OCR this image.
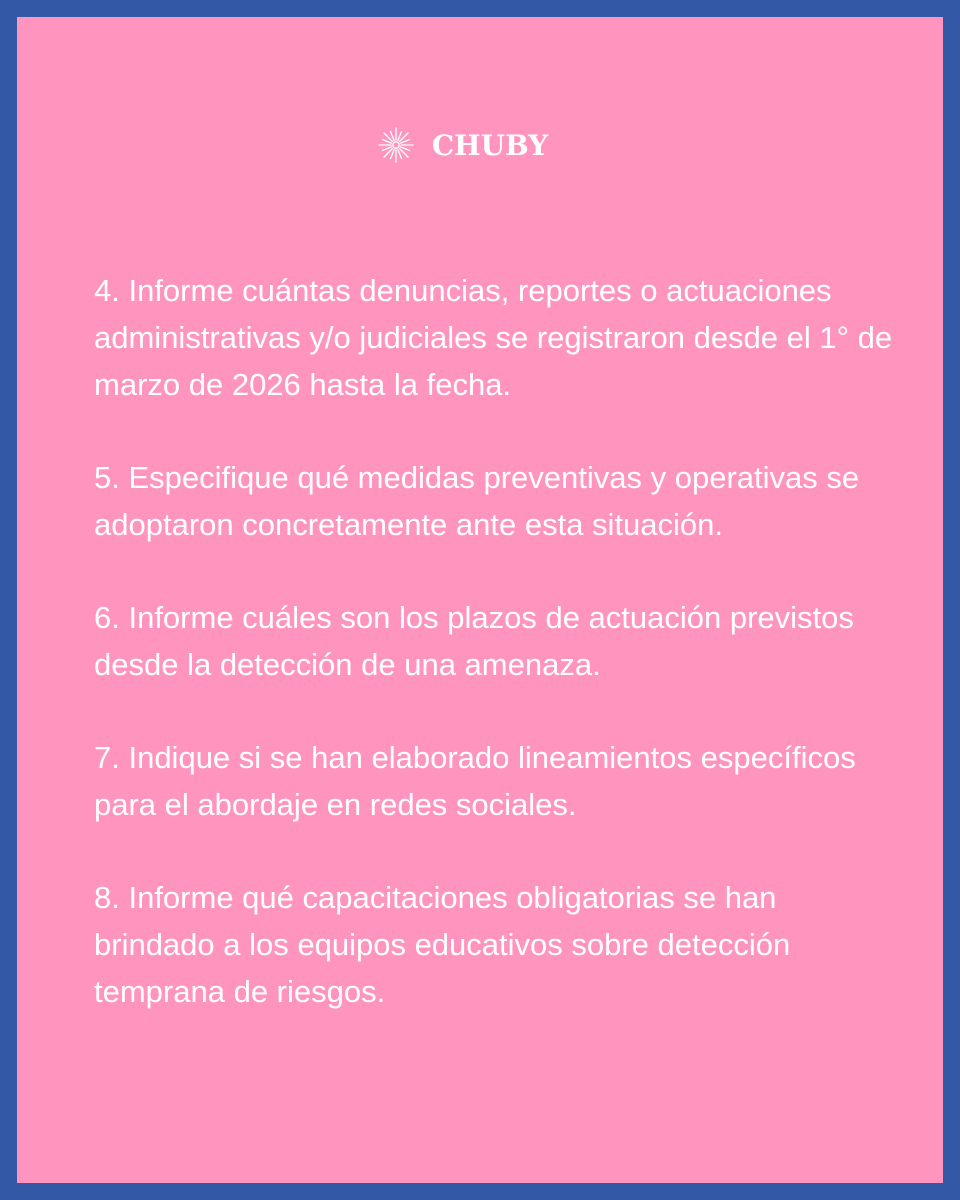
CHUBY
4. Informe cuántas denuncias, reportes o actuaciones administrativas y/o judiciales se registraron desde el 1° de marzo de 2026 hasta la fecha.
5. Especifique qué medidas preventivas y operativas se adoptaron concretamente ante esta situación.
6. Informe cuáles son los plazos de actuación previstos desde la detección de una amenaza.
7. Indique si se han elaborado lineamientos específicos para el abordaje en redes sociales.
8. Informe qué capacitaciones obligatorias se han brindado a los equipos educativos sobre detección temprana de riesgos.
